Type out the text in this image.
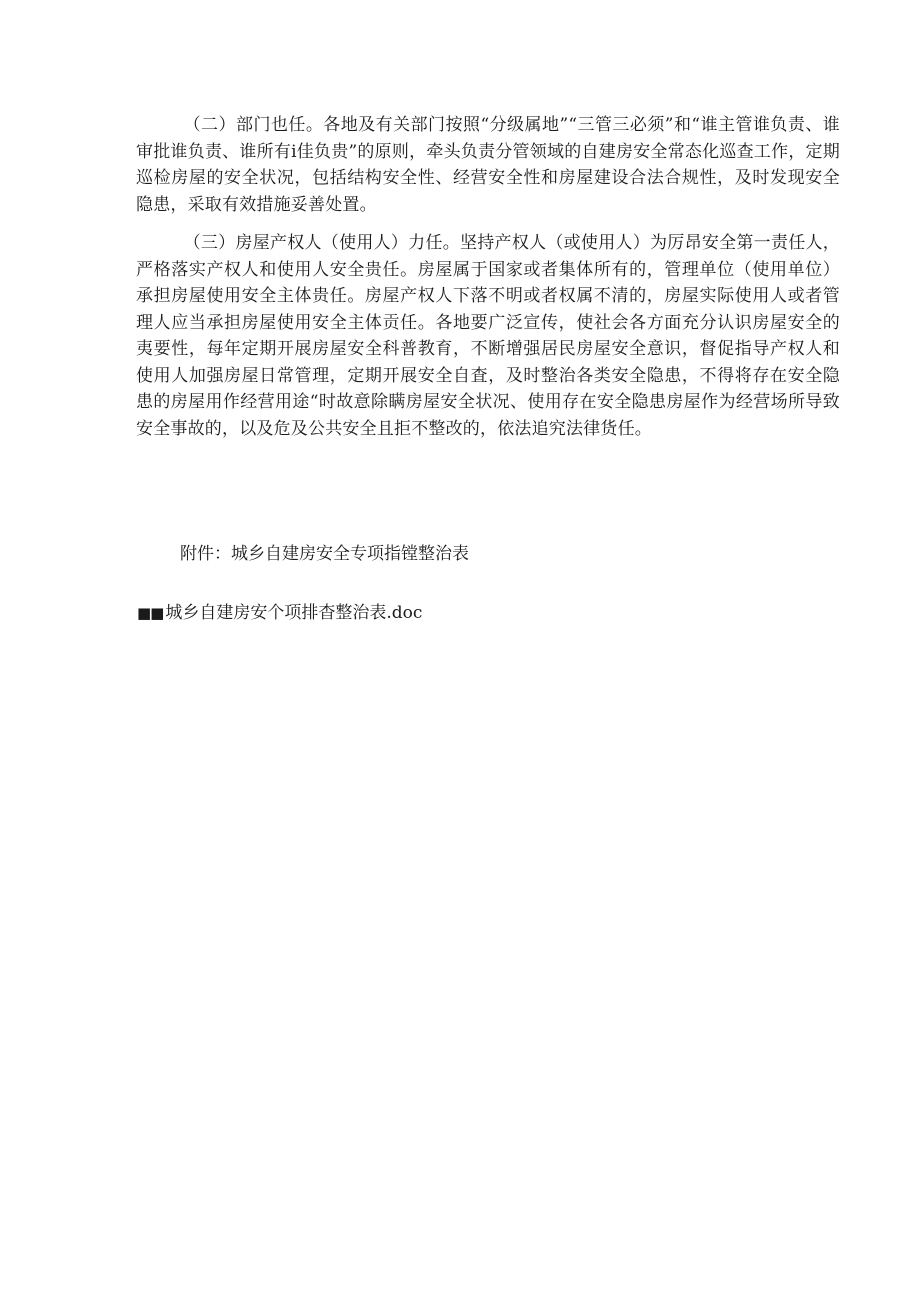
（二）部门也任。各地及有关部门按照“分级属地”“三管三必须”和“谁主管谁负责、谁审批谁负责、谁所有i佳负贵”的原则，牵头负责分管领域的自建房安全常态化巡查工作，定期巡检房屋的安全状况，包括结构安全性、经营安全性和房屋建设合法合规性，及时发现安全隐患，采取有效措施妥善处置。

（三）房屋产权人（使用人）力任。坚持产权人（或使用人）为厉昂安全第一责任人，严格落实产权人和使用人安全贵任。房屋属于国家或者集体所有的，管理单位（使用单位）承担房屋使用安全主体贵任。房屋产权人下落不明或者权属不清的，房屋实际使用人或者管理人应当承担房屋使用安全主体贡任。各地要广泛宣传，使社会各方面充分认识房屋安全的夷要性，每年定期开展房屋安全科普教育，不断增强居民房屋安全意识，督促指导产权人和使用人加强房屋日常管理，定期开展安全自査，及时整治各类安全隐患，不得将存在安全隐患的房屋用作经营用途“时故意除瞒房屋安全状况、使用存在安全隐患房屋作为经营场所导致安全事故的，以及危及公共安全且拒不整改的，依法追究法律货任。

附件：城乡自建房安全专项指镗整治表

■■ 城乡自建房安个项排杳整治表.doc
